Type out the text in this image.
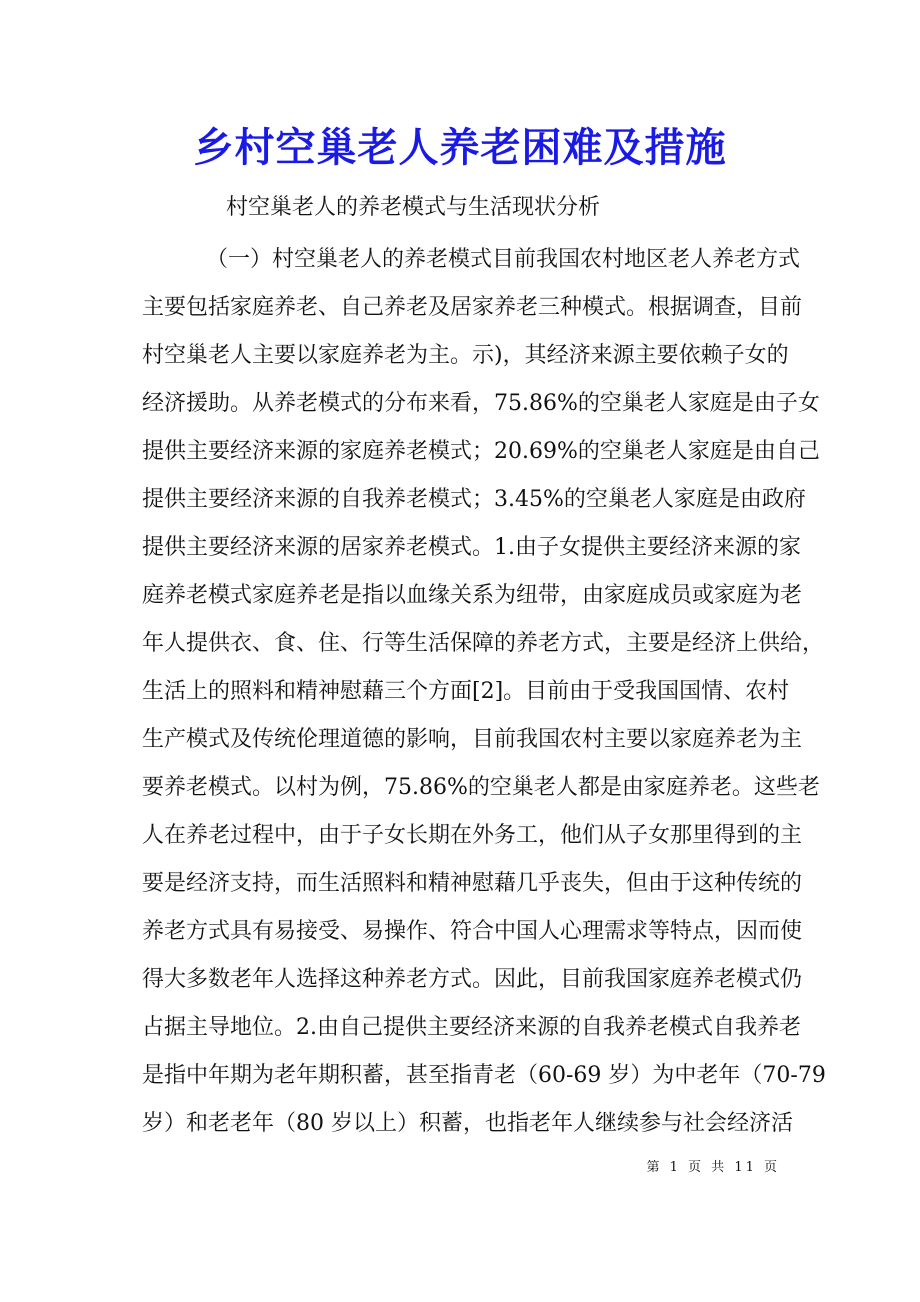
乡村空巢老人养老困难及措施

村空巢老人的养老模式与生活现状分析

（一）村空巢老人的养老模式目前我国农村地区老人养老方式
主要包括家庭养老、自己养老及居家养老三种模式。根据调查，目前
村空巢老人主要以家庭养老为主。示)，其经济来源主要依赖子女的
经济援助。从养老模式的分布来看，75.86%的空巢老人家庭是由子女
提供主要经济来源的家庭养老模式；20.69%的空巢老人家庭是由自己
提供主要经济来源的自我养老模式；3.45%的空巢老人家庭是由政府
提供主要经济来源的居家养老模式。1.由子女提供主要经济来源的家
庭养老模式家庭养老是指以血缘关系为纽带，由家庭成员或家庭为老
年人提供衣、食、住、行等生活保障的养老方式，主要是经济上供给，
生活上的照料和精神慰藉三个方面[2]。目前由于受我国国情、农村
生产模式及传统伦理道德的影响，目前我国农村主要以家庭养老为主
要养老模式。以村为例，75.86%的空巢老人都是由家庭养老。这些老
人在养老过程中，由于子女长期在外务工，他们从子女那里得到的主
要是经济支持，而生活照料和精神慰藉几乎丧失，但由于这种传统的
养老方式具有易接受、易操作、符合中国人心理需求等特点，因而使
得大多数老年人选择这种养老方式。因此，目前我国家庭养老模式仍
占据主导地位。2.由自己提供主要经济来源的自我养老模式自我养老
是指中年期为老年期积蓄，甚至指青老（60-69 岁）为中老年（70-79
岁）和老老年（80 岁以上）积蓄，也指老年人继续参与社会经济活
第 1 页 共 11 页
